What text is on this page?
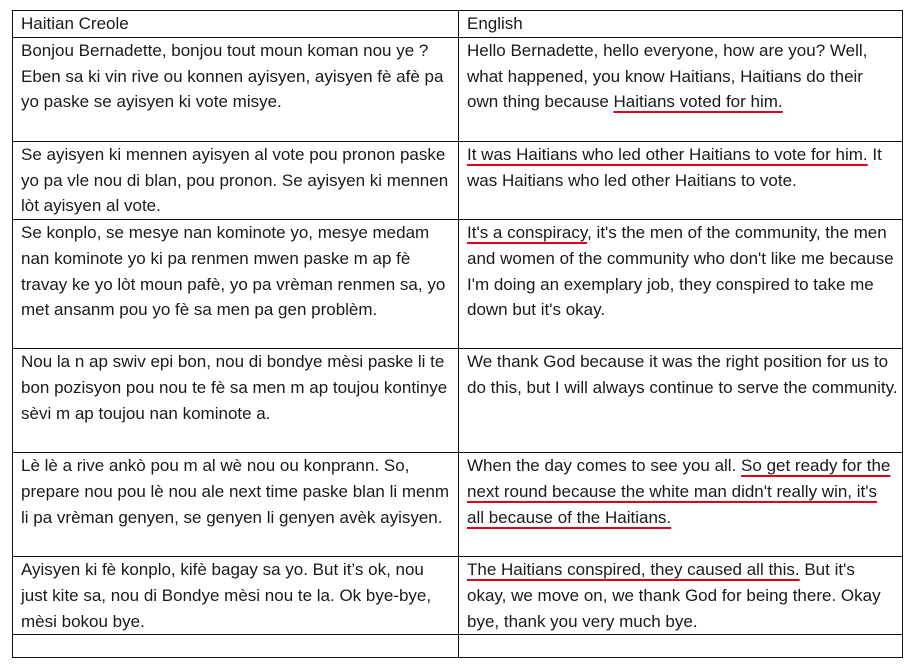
Haitian Creole	English
Bonjou Bernadette, bonjou tout moun koman nou ye ? Eben sa ki vin rive ou konnen ayisyen, ayisyen fè afè pa yo paske se ayisyen ki vote misye.	Hello Bernadette, hello everyone, how are you? Well, what happened, you know Haitians, Haitians do their own thing because Haitians voted for him.
Se ayisyen ki mennen ayisyen al vote pou pronon paske yo pa vle nou di blan, pou pronon. Se ayisyen ki mennen lòt ayisyen al vote.	It was Haitians who led other Haitians to vote for him. It was Haitians who led other Haitians to vote.
Se konplo, se mesye nan kominote yo, mesye medam nan kominote yo ki pa renmen mwen paske m ap fè travay ke yo lòt moun pafè, yo pa vrèman renmen sa, yo met ansanm pou yo fè sa men pa gen problèm.	It's a conspiracy, it's the men of the community, the men and women of the community who don't like me because I'm doing an exemplary job, they conspired to take me down but it's okay.
Nou la n ap swiv epi bon, nou di bondye mèsi paske li te bon pozisyon pou nou te fè sa men m ap toujou kontinye sèvi m ap toujou nan kominote a.	We thank God because it was the right position for us to do this, but I will always continue to serve the community.
Lè lè a rive ankò pou m al wè nou ou konprann. So, prepare nou pou lè nou ale next time paske blan li menm li pa vrèman genyen, se genyen li genyen avèk ayisyen.	When the day comes to see you all. So get ready for the next round because the white man didn't really win, it's all because of the Haitians.
Ayisyen ki fè konplo, kifè bagay sa yo. But it’s ok, nou just kite sa, nou di Bondye mèsi nou te la. Ok bye-bye, mèsi bokou bye.	The Haitians conspired, they caused all this. But it's okay, we move on, we thank God for being there. Okay bye, thank you very much bye.
